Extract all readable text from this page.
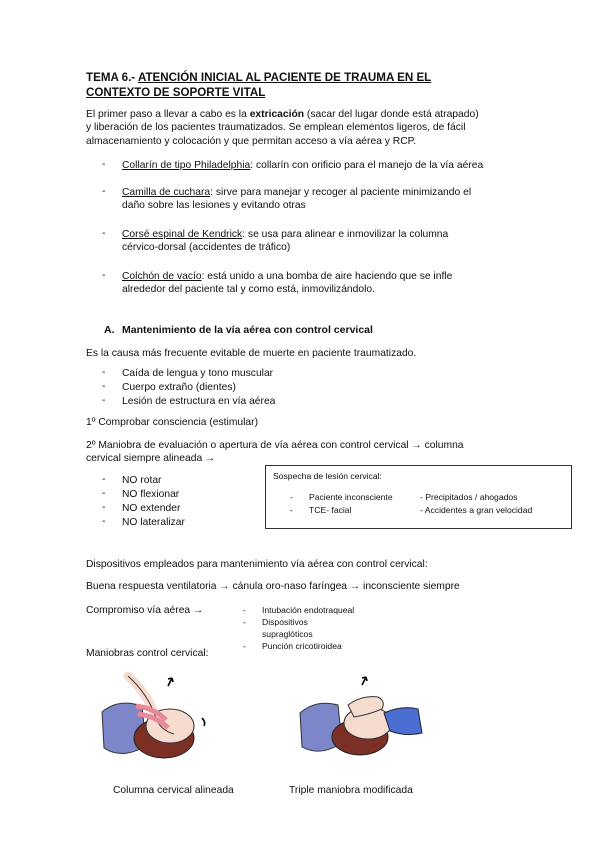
TEMA 6.- ATENCIÓN INICIAL AL PACIENTE DE TRAUMA EN EL
CONTEXTO DE SOPORTE VITAL
El primer paso a llevar a cabo es la extricación (sacar del lugar donde está atrapado)
y liberación de los pacientes traumatizados. Se emplean elementos ligeros, de fácil
almacenamiento y colocación y que permitan acceso a vía aérea y RCP.
- Collarín de tipo Philadelphia: collarín con orificio para el manejo de la vía aérea
- Camilla de cuchara: sirve para manejar y recoger al paciente minimizando el
daño sobre las lesiones y evitando otras
- Corsé espinal de Kendrick: se usa para alinear e inmovilizar la columna
cérvico-dorsal (accidentes de tráfico)
- Colchón de vacío: está unido a una bomba de aire haciendo que se infle
alrededor del paciente tal y como está, inmovilizándolo.
A. Mantenimiento de la vía aérea con control cervical
Es la causa más frecuente evitable de muerte en paciente traumatizado.
- Caída de lengua y tono muscular
- Cuerpo extraño (dientes)
- Lesión de estructura en vía aérea
1º Comprobar consciencia (estimular)
2º Maniobra de evaluación o apertura de vía aérea con control cervical → columna
cervical siempre alineada →
- NO rotar
- NO flexionar
- NO extender
- NO lateralizar
Sospecha de lesión cervical:
- Paciente inconsciente
- TCE- facial
- Precipitados / ahogados
- Accidentes a gran velocidad
Dispositivos empleados para mantenimiento vía aérea con control cervical:
Buena respuesta ventilatoria → cánula oro-naso faríngea → inconsciente siempre
Compromiso vía aérea →	- Intubación endotraqueal
- Dispositivos
supraglóticos
- Punción cricotiroidea
Maniobras control cervical:
Columna cervical alineada	Triple maniobra modificada
